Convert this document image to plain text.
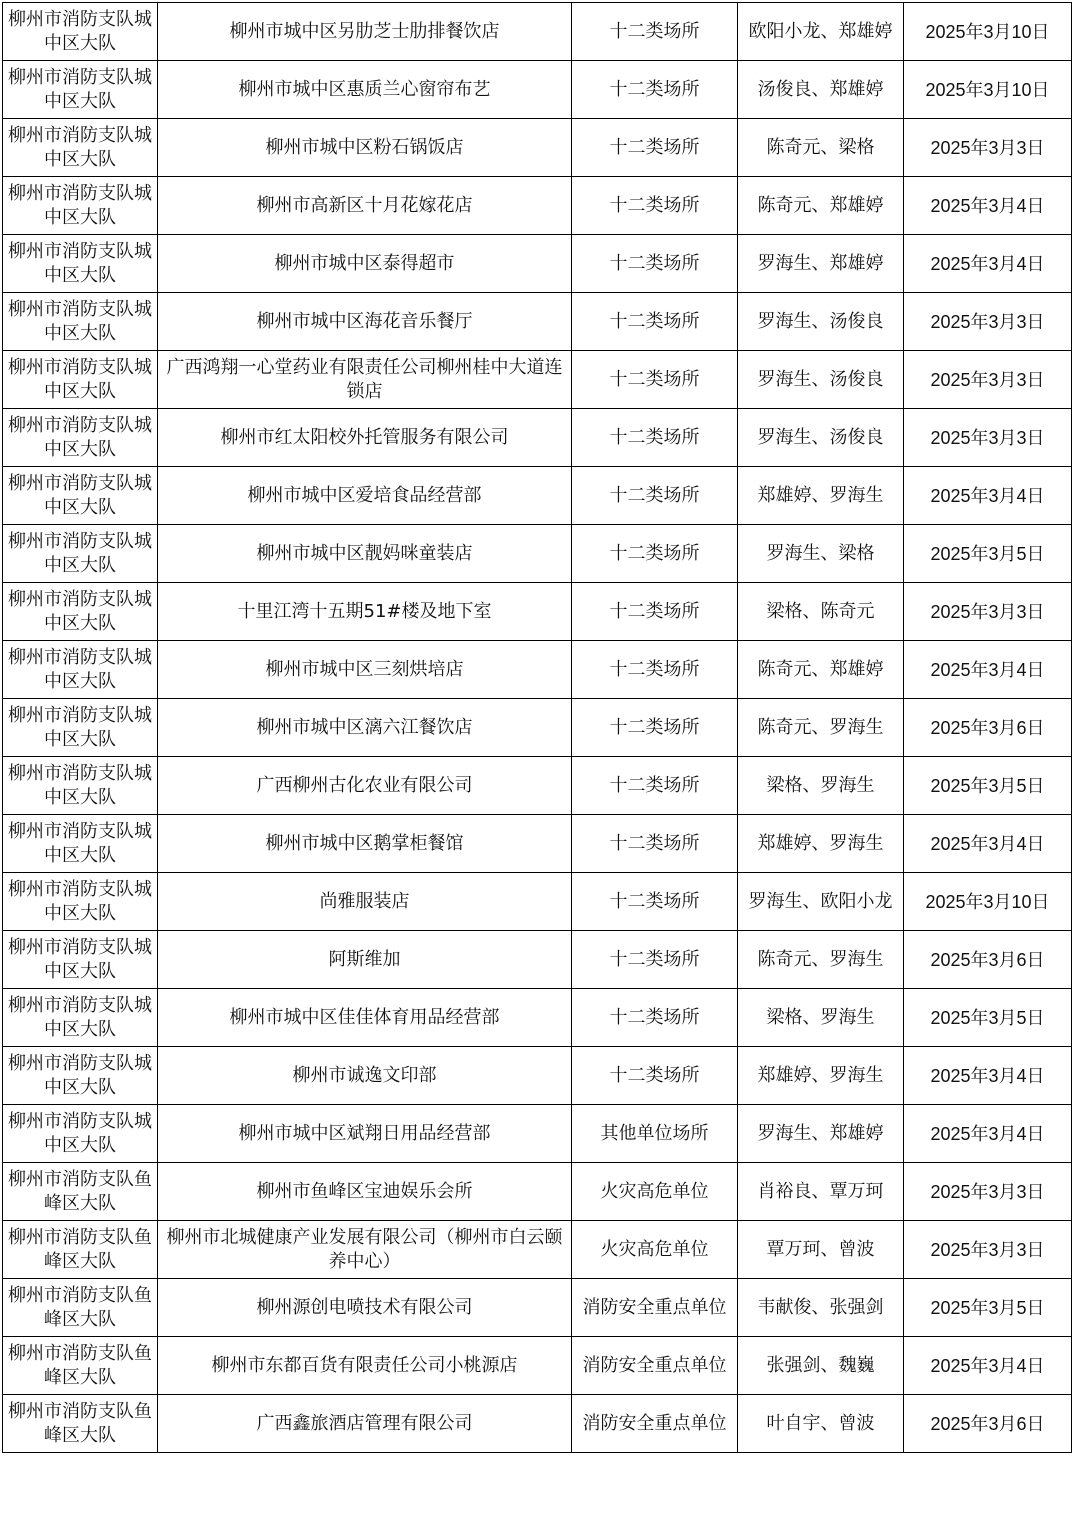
柳州市消防支队城中区大队	柳州市城中区另肋芝士肋排餐饮店	十二类场所	欧阳小龙、郑雄婷	2025年3月10日
柳州市消防支队城中区大队	柳州市城中区惠质兰心窗帘布艺	十二类场所	汤俊良、郑雄婷	2025年3月10日
柳州市消防支队城中区大队	柳州市城中区粉石锅饭店	十二类场所	陈奇元、梁格	2025年3月3日
柳州市消防支队城中区大队	柳州市高新区十月花嫁花店	十二类场所	陈奇元、郑雄婷	2025年3月4日
柳州市消防支队城中区大队	柳州市城中区泰得超市	十二类场所	罗海生、郑雄婷	2025年3月4日
柳州市消防支队城中区大队	柳州市城中区海花音乐餐厅	十二类场所	罗海生、汤俊良	2025年3月3日
柳州市消防支队城中区大队	广西鸿翔一心堂药业有限责任公司柳州桂中大道连锁店	十二类场所	罗海生、汤俊良	2025年3月3日
柳州市消防支队城中区大队	柳州市红太阳校外托管服务有限公司	十二类场所	罗海生、汤俊良	2025年3月3日
柳州市消防支队城中区大队	柳州市城中区爱培食品经营部	十二类场所	郑雄婷、罗海生	2025年3月4日
柳州市消防支队城中区大队	柳州市城中区靓妈咪童装店	十二类场所	罗海生、梁格	2025年3月5日
柳州市消防支队城中区大队	十里江湾十五期51#楼及地下室	十二类场所	梁格、陈奇元	2025年3月3日
柳州市消防支队城中区大队	柳州市城中区三刻烘培店	十二类场所	陈奇元、郑雄婷	2025年3月4日
柳州市消防支队城中区大队	柳州市城中区漓六江餐饮店	十二类场所	陈奇元、罗海生	2025年3月6日
柳州市消防支队城中区大队	广西柳州古化农业有限公司	十二类场所	梁格、罗海生	2025年3月5日
柳州市消防支队城中区大队	柳州市城中区鹅掌柜餐馆	十二类场所	郑雄婷、罗海生	2025年3月4日
柳州市消防支队城中区大队	尚雅服装店	十二类场所	罗海生、欧阳小龙	2025年3月10日
柳州市消防支队城中区大队	阿斯维加	十二类场所	陈奇元、罗海生	2025年3月6日
柳州市消防支队城中区大队	柳州市城中区佳佳体育用品经营部	十二类场所	梁格、罗海生	2025年3月5日
柳州市消防支队城中区大队	柳州市诚逸文印部	十二类场所	郑雄婷、罗海生	2025年3月4日
柳州市消防支队城中区大队	柳州市城中区斌翔日用品经营部	其他单位场所	罗海生、郑雄婷	2025年3月4日
柳州市消防支队鱼峰区大队	柳州市鱼峰区宝迪娱乐会所	火灾高危单位	肖裕良、覃万珂	2025年3月3日
柳州市消防支队鱼峰区大队	柳州市北城健康产业发展有限公司（柳州市白云颐养中心）	火灾高危单位	覃万珂、曾波	2025年3月3日
柳州市消防支队鱼峰区大队	柳州源创电喷技术有限公司	消防安全重点单位	韦献俊、张强剑	2025年3月5日
柳州市消防支队鱼峰区大队	柳州市东都百货有限责任公司小桃源店	消防安全重点单位	张强剑、魏巍	2025年3月4日
柳州市消防支队鱼峰区大队	广西鑫旅酒店管理有限公司	消防安全重点单位	叶自宇、曾波	2025年3月6日
